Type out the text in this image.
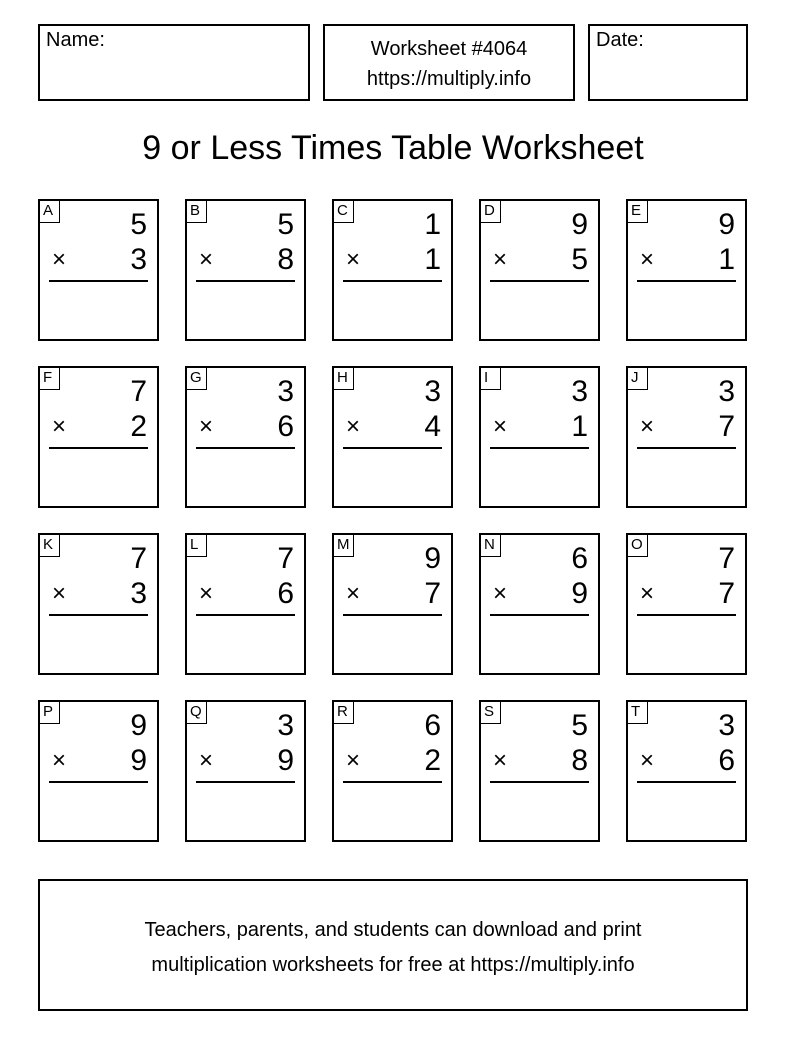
Name:	Worksheet #4064
https://multiply.info
Date:
9 or Less Times Table Worksheet
A	5
× 3
B	5
× 8
C	1
× 1
D	9
× 5
E	9
× 1
F	7
× 2
G	3
× 6
H	3
× 4
I	3
× 1
J	3
× 7
K	7
× 3
L	7
× 6
M 9
× 7
N	6
× 9
O	7
× 7
P	9
× 9
Q	3
× 9
R	6
× 2
S	5
× 8
T	3
× 6
Teachers, parents, and students can download and print
multiplication worksheets for free at https://multiply.info
